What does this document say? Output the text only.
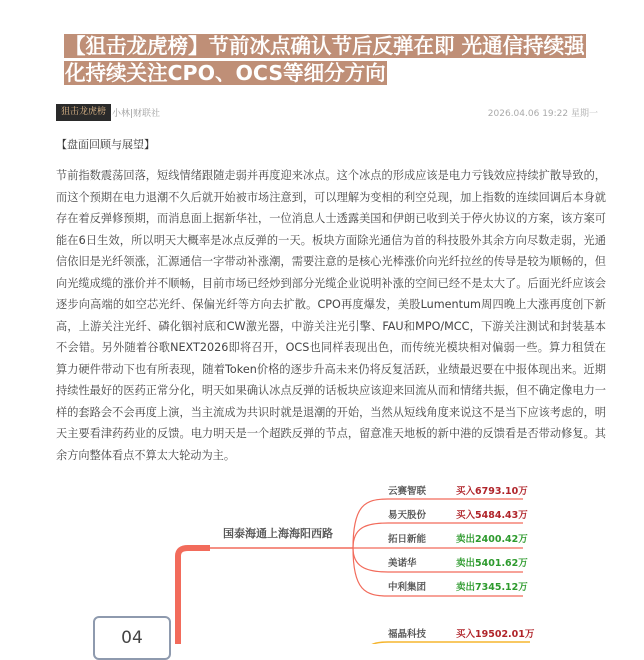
【狙击龙虎榜】节前冰点确认节后反弹在即 光通信持续强化持续关注CPO、OCS等细分方向
狙击龙虎榜 小林|财联社	2026.04.06 19:22 星期一
【盘面回顾与展望】
节前指数震荡回落，短线情绪跟随走弱并再度迎来冰点。这个冰点的形成应该是电力亏钱效应持续扩散导致的，而这个预期在电力退潮不久后就开始被市场注意到，可以理解为变相的利空兑现，加上指数的连续回调后本身就存在着反弹修预期，而消息面上据新华社，一位消息人士透露美国和伊朗已收到关于停火协议的方案，该方案可能在6日生效，所以明天大概率是冰点反弹的一天。板块方面除光通信为首的科技股外其余方向尽数走弱，光通信依旧是光纤领涨，汇源通信一字带动补涨潮，需要注意的是核心光棒涨价向光纤拉丝的传导是较为顺畅的，但向光缆成缆的涨价并不顺畅，目前市场已经炒到部分光缆企业说明补涨的空间已经不是太大了。后面光纤应该会逐步向高端的如空芯光纤、保偏光纤等方向去扩散。CPO再度爆发，美股Lumentum周四晚上大涨再度创下新高，上游关注光纤、磷化铟衬底和CW激光器，中游关注光引擎、FAU和MPO/MCC，下游关注测试和封装基本不会错。另外随着谷歌NEXT2026即将召开，OCS也同样表现出色，而传统光模块相对偏弱一些。算力租赁在算力硬件带动下也有所表现，随着Token价格的逐步升高未来仍将反复活跃，业绩最迟要在中报体现出来。近期持续性最好的医药正常分化，明天如果确认冰点反弹的话板块应该迎来回流从而和情绪共振，但不确定像电力一样的套路会不会再度上演，当主流成为共识时就是退潮的开始，当然从短线角度来说这不是当下应该考虑的，明天主要看津药药业的反馈。电力明天是一个超跌反弹的节点，留意准天地板的新中港的反馈看是否带动修复。其余方向整体看点不算太大轮动为主。
国泰海通上海海阳西路
云赛智联	买入6793.10万
易天股份	买入5484.43万
拓日新能	卖出2400.42万
美诺华	卖出5401.62万
中利集团	卖出7345.12万
福晶科技	买入19502.01万
04
